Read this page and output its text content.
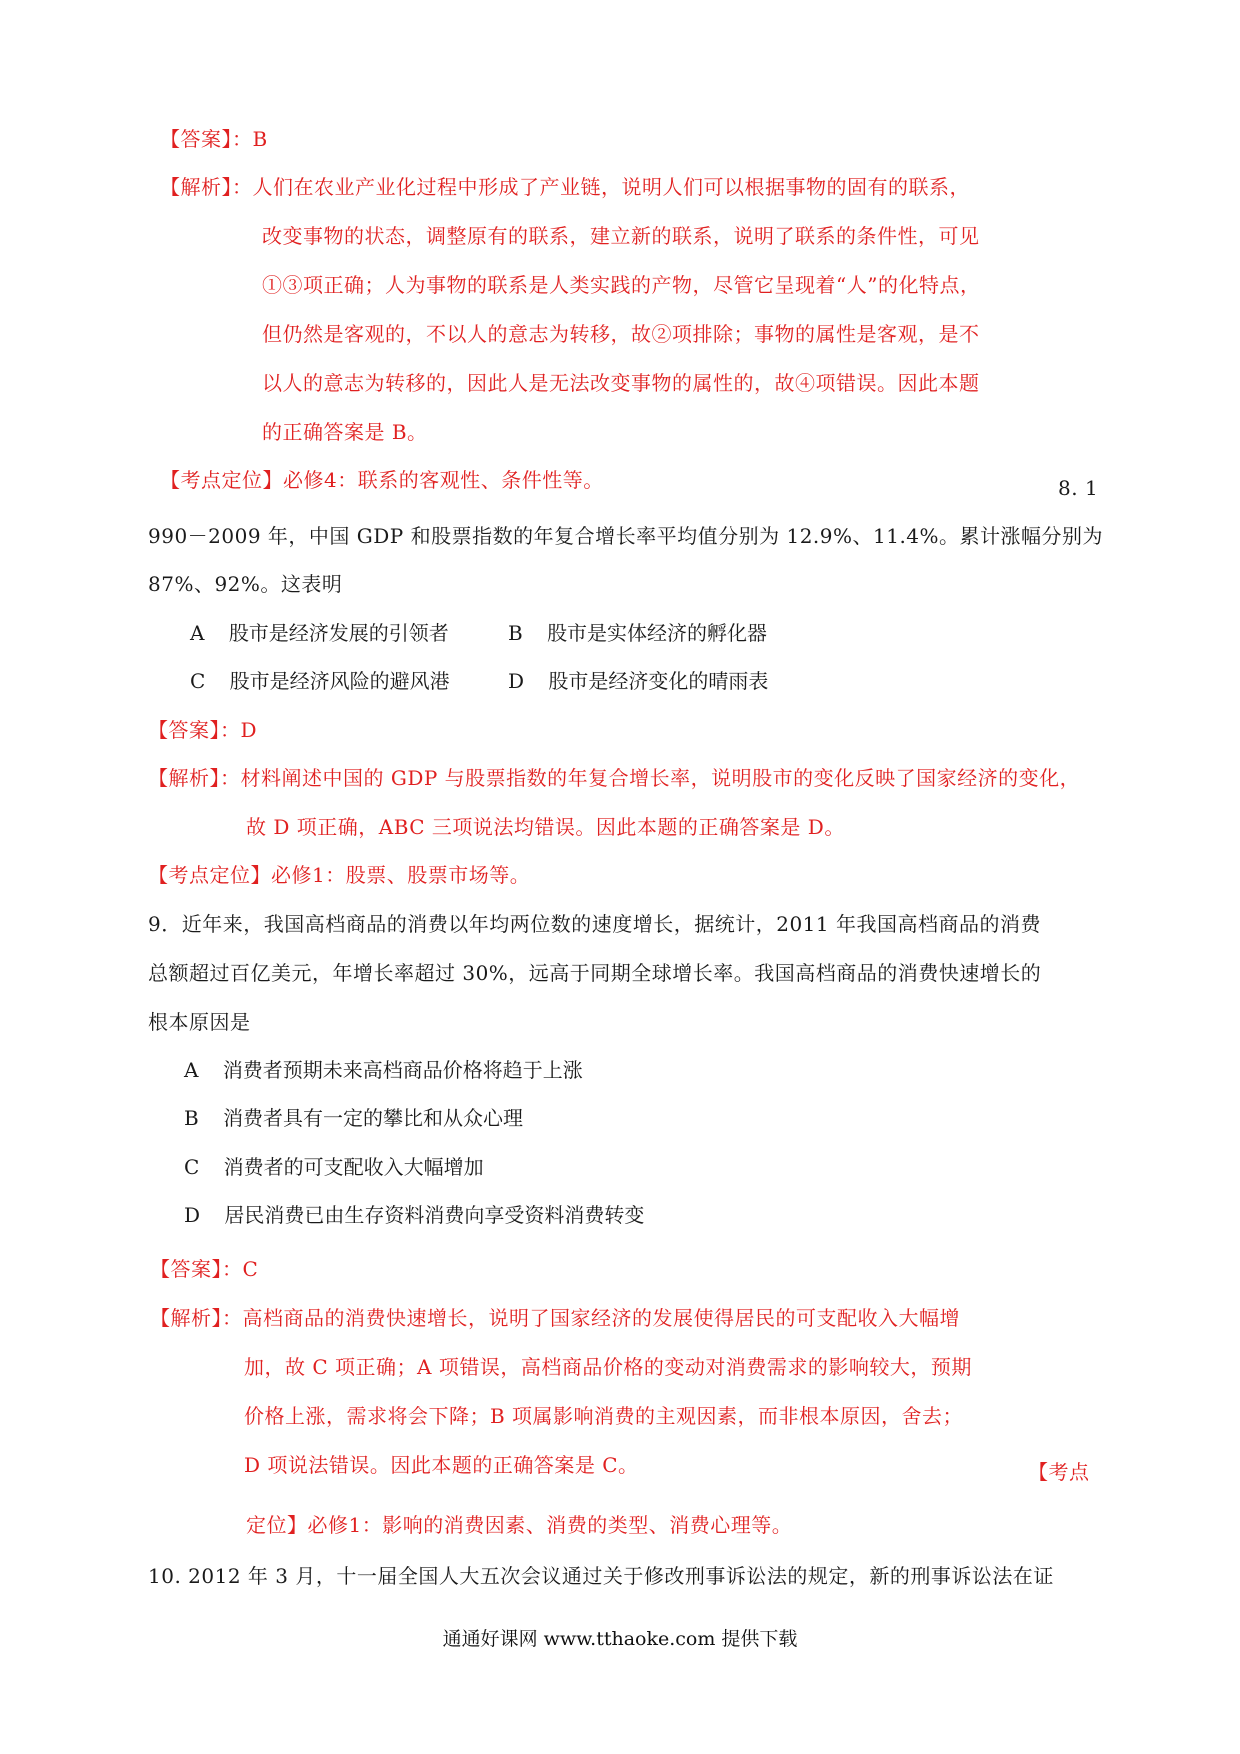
【答案】：B
【解析】：人们在农业产业化过程中形成了产业链，说明人们可以根据事物的固有的联系，
改变事物的状态，调整原有的联系，建立新的联系，说明了联系的条件性，可见
①③项正确；人为事物的联系是人类实践的产物，尽管它呈现着“人”的化特点，
但仍然是客观的，不以人的意志为转移，故②项排除；事物的属性是客观，是不
以人的意志为转移的，因此人是无法改变事物的属性的，故④项错误。因此本题
的正确答案是 B。
【考点定位】必修4：联系的客观性、条件性等。	8. 1
990－2009 年，中国 GDP 和股票指数的年复合增长率平均值分别为 12.9%、11.4%。累计涨幅分别为
87%、92%。这表明
A 股市是经济发展的引领者	B 股市是实体经济的孵化器
C 股市是经济风险的避风港	D 股市是经济变化的晴雨表
【答案】：D
【解析】：材料阐述中国的 GDP 与股票指数的年复合增长率，说明股市的变化反映了国家经济的变化，
故 D 项正确，ABC 三项说法均错误。因此本题的正确答案是 D。
【考点定位】必修1：股票、股票市场等。
9．近年来，我国高档商品的消费以年均两位数的速度增长，据统计，2011 年我国高档商品的消费
总额超过百亿美元，年增长率超过 30%，远高于同期全球增长率。我国高档商品的消费快速增长的
根本原因是
A 消费者预期未来高档商品价格将趋于上涨
B 消费者具有一定的攀比和从众心理
C 消费者的可支配收入大幅增加
D 居民消费已由生存资料消费向享受资料消费转变
【答案】：C
【解析】：高档商品的消费快速增长，说明了国家经济的发展使得居民的可支配收入大幅增
加，故 C 项正确；A 项错误，高档商品价格的变动对消费需求的影响较大，预期
价格上涨，需求将会下降；B 项属影响消费的主观因素，而非根本原因，舍去；
D 项说法错误。因此本题的正确答案是 C。	【考点
定位】必修1：影响的消费因素、消费的类型、消费心理等。
10. 2012 年 3 月，十一届全国人大五次会议通过关于修改刑事诉讼法的规定，新的刑事诉讼法在证
通通好课网 www.tthaoke.com 提供下载
